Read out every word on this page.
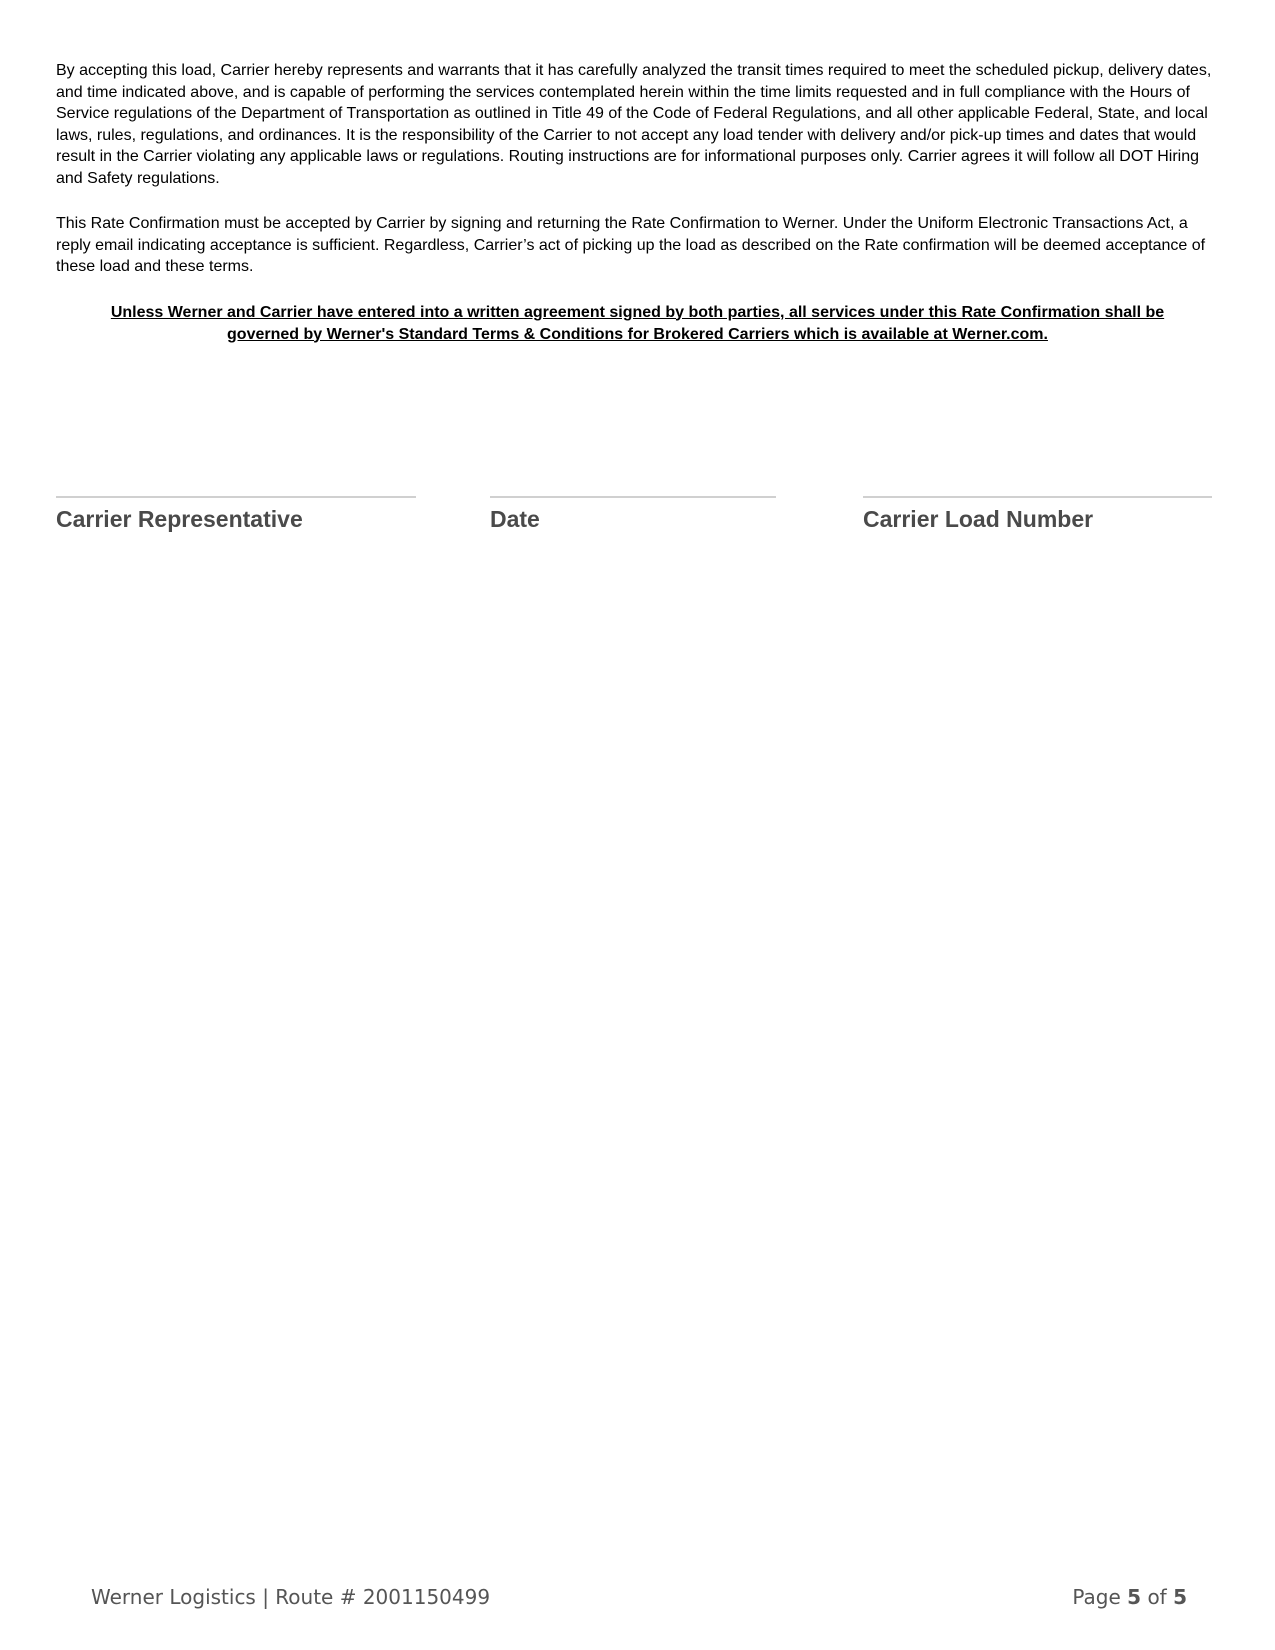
By accepting this load, Carrier hereby represents and warrants that it has carefully analyzed the transit times required to meet the scheduled pickup, delivery dates, and time indicated above, and is capable of performing the services contemplated herein within the time limits requested and in full compliance with the Hours of Service regulations of the Department of Transportation as outlined in Title 49 of the Code of Federal Regulations, and all other applicable Federal, State, and local laws, rules, regulations, and ordinances. It is the responsibility of the Carrier to not accept any load tender with delivery and/or pick-up times and dates that would result in the Carrier violating any applicable laws or regulations. Routing instructions are for informational purposes only. Carrier agrees it will follow all DOT Hiring and Safety regulations.

This Rate Confirmation must be accepted by Carrier by signing and returning the Rate Confirmation to Werner. Under the Uniform Electronic Transactions Act, a reply email indicating acceptance is sufficient. Regardless, Carrier’s act of picking up the load as described on the Rate confirmation will be deemed acceptance of these load and these terms.

Unless Werner and Carrier have entered into a written agreement signed by both parties, all services under this Rate Confirmation shall be governed by Werner's Standard Terms & Conditions for Brokered Carriers which is available at Werner.com.

Carrier Representative	Date	Carrier Load Number
Werner Logistics | Route # 2001150499	Page 5 of 5
